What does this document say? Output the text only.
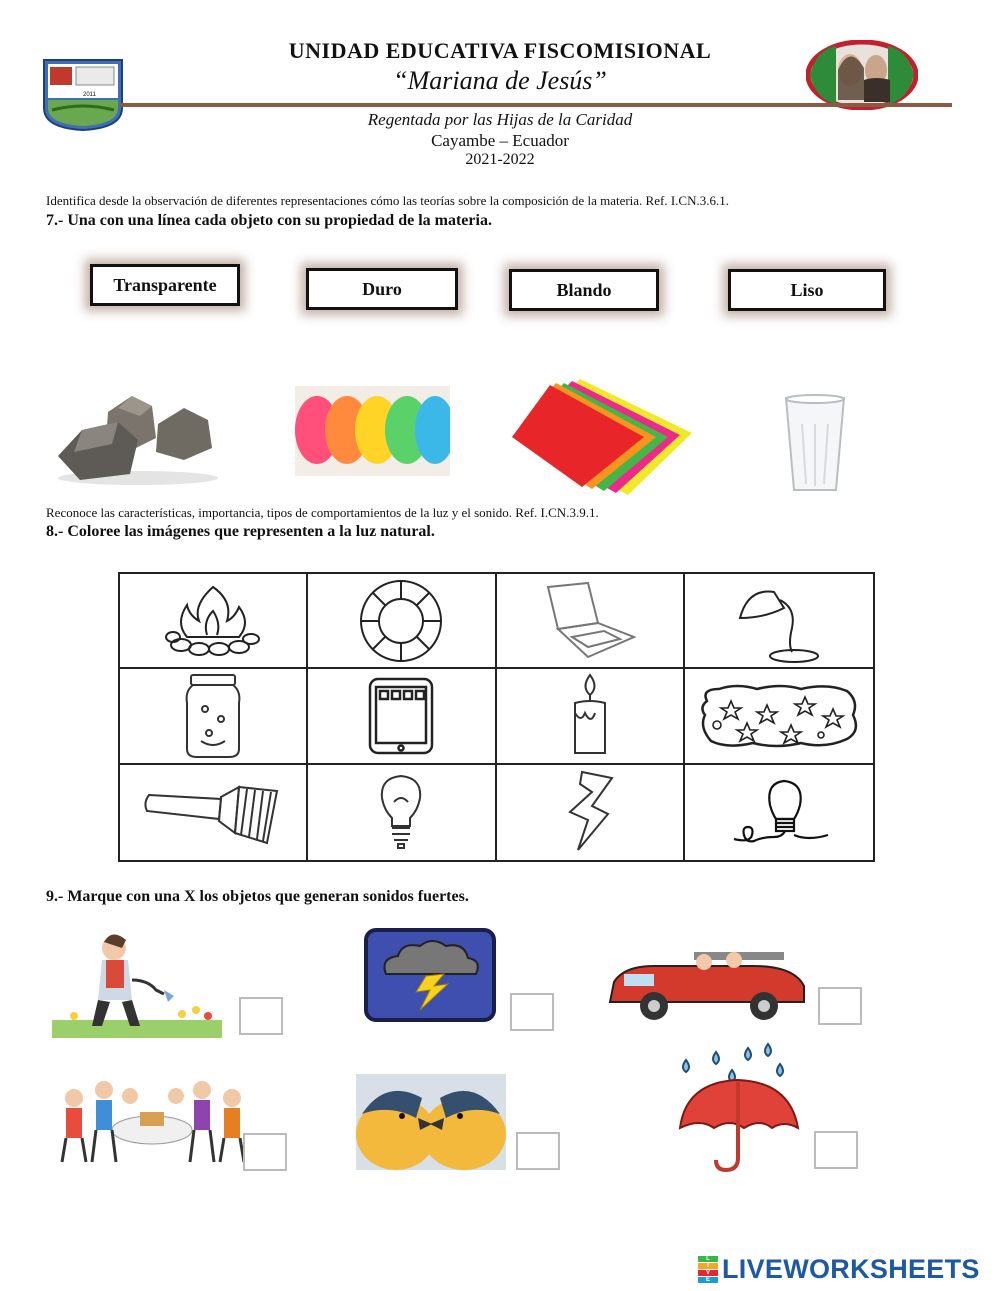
2011
UNIDAD EDUCATIVA FISCOMISIONAL
“Mariana de Jesús”
Regentada por las Hijas de la Caridad
Cayambe – Ecuador
2021-2022
Identifica desde la observación de diferentes representaciones cómo las teorías sobre la composición de la materia. Ref. I.CN.3.6.1.
7.- Una con una línea cada objeto con su propiedad de la materia.
Transparente	Duro	Blando	Liso
Reconoce las características, importancia, tipos de comportamientos de la luz y el sonido. Ref. I.CN.3.9.1.
8.- Coloree las imágenes que representen a la luz natural.
9.- Marque con una X los objetos que generan sonidos fuertes.
L
I
V
E LIVEWORKSHEETS
